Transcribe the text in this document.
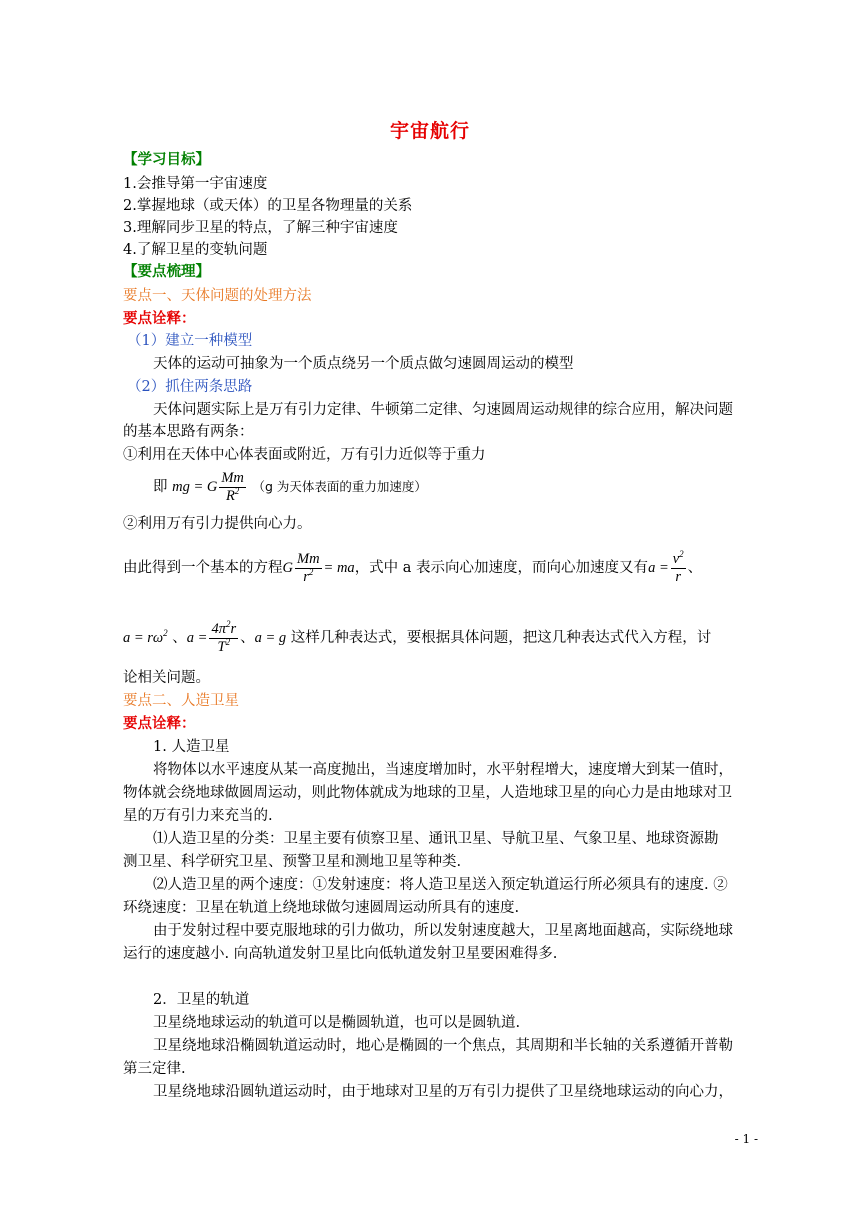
宇宙航行
【学习目标】
1.会推导第一宇宙速度
2.掌握地球（或天体）的卫星各物理量的关系
3.理解同步卫星的特点，了解三种宇宙速度
4.了解卫星的变轨问题
【要点梳理】
要点一、天体问题的处理方法
要点诠释：
（1）建立一种模型
天体的运动可抽象为一个质点绕另一个质点做匀速圆周运动的模型
（2）抓住两条思路
天体问题实际上是万有引力定律、牛顿第二定律、匀速圆周运动规律的综合应用，解决问题
的基本思路有两条：
①利用在天体中心体表面或附近，万有引力近似等于重力
即 mg = G $\frac{Mm}{R^2} (g$ 为天体表面的重力加速度）
②利用万有引力提供向心力。
由此得到一个基本的方程G $\frac{Mm}{r^2}$ = ma，式中 a 表示向心加速度，而向心加速度又有$a = \frac{v^2}{r}$ 、
$a = r\omega^2$ 、$a = \frac{4\pi^2r}{T^2}$ 、a = g 这样几种表达式，要根据具体问题，把这几种表达式代入方程，讨
论相关问题。
要点二、人造卫星
要点诠释：
1. 人造卫星
将物体以水平速度从某一高度抛出，当速度增加时，水平射程增大，速度增大到某一值时，
物体就会绕地球做圆周运动，则此物体就成为地球的卫星，人造地球卫星的向心力是由地球对卫
星的万有引力来充当的.
⑴人造卫星的分类：卫星主要有侦察卫星、通讯卫星、导航卫星、气象卫星、地球资源勘
测卫星、科学研究卫星、预警卫星和测地卫星等种类.
⑵人造卫星的两个速度：①发射速度：将人造卫星送入预定轨道运行所必须具有的速度. ②
环绕速度：卫星在轨道上绕地球做匀速圆周运动所具有的速度.
由于发射过程中要克服地球的引力做功，所以发射速度越大，卫星离地面越高，实际绕地球
运行的速度越小. 向高轨道发射卫星比向低轨道发射卫星要困难得多.
2．卫星的轨道
卫星绕地球运动的轨道可以是椭圆轨道，也可以是圆轨道.
卫星绕地球沿椭圆轨道运动时，地心是椭圆的一个焦点，其周期和半长轴的关系遵循开普勒
第三定律.
卫星绕地球沿圆轨道运动时，由于地球对卫星的万有引力提供了卫星绕地球运动的向心力，
- 1 -
